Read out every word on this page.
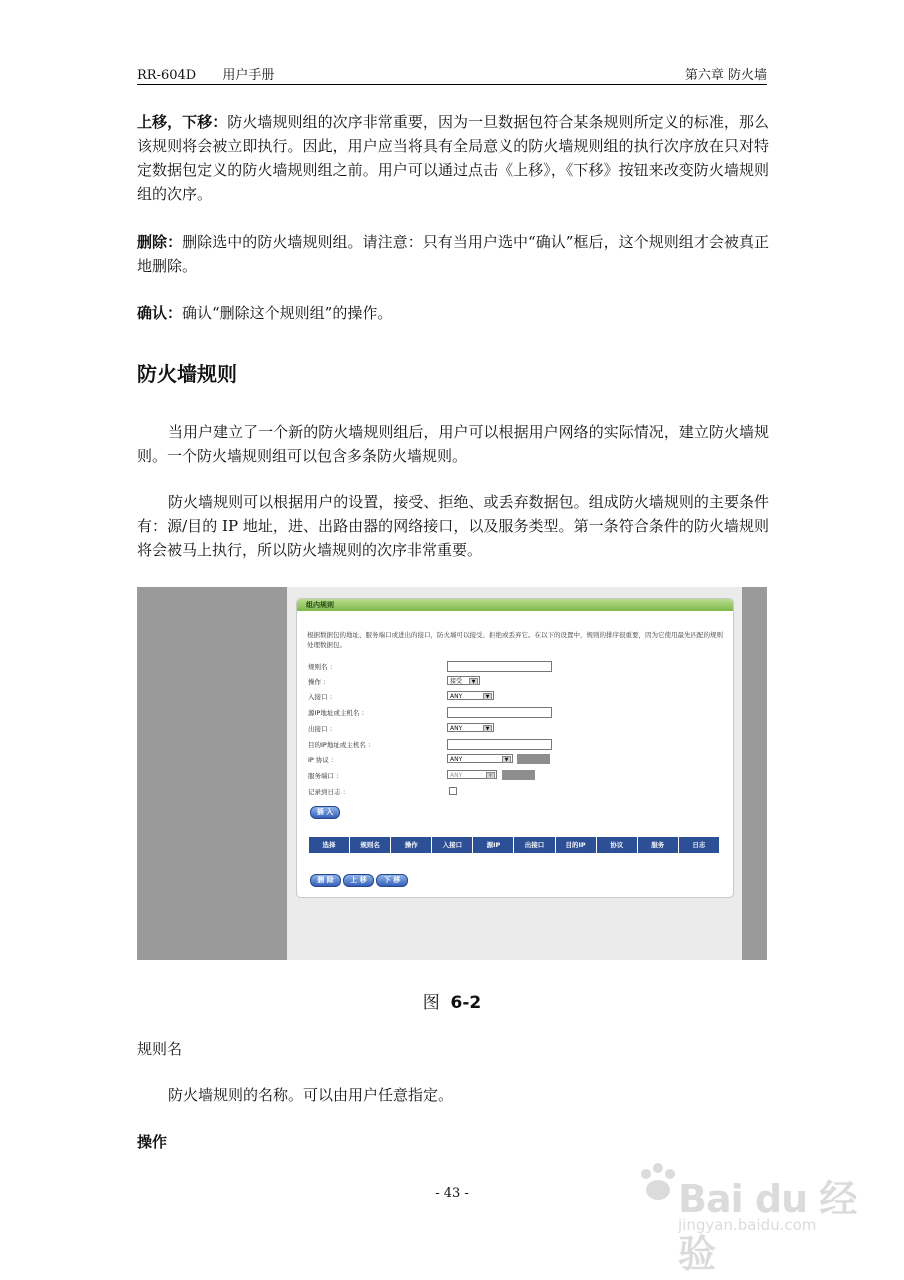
RR-604D 用户手册	第六章 防火墙

上移，下移：防火墙规则组的次序非常重要，因为一旦数据包符合某条规则所定义的标准，那么该规则将会被立即执行。因此，用户应当将具有全局意义的防火墙规则组的执行次序放在只对特定数据包定义的防火墙规则组之前。用户可以通过点击《上移》，《下移》按钮来改变防火墙规则组的次序。

删除：删除选中的防火墙规则组。请注意：只有当用户选中“确认”框后，这个规则组才会被真正地删除。

确认：确认“删除这个规则组”的操作。

防火墙规则

当用户建立了一个新的防火墙规则组后，用户可以根据用户网络的实际情况，建立防火墙规则。一个防火墙规则组可以包含多条防火墙规则。

防火墙规则可以根据用户的设置，接受、拒绝、或丢弃数据包。组成防火墙规则的主要条件有：源/目的 IP 地址，进、出路由器的网络接口，以及服务类型。第一条符合条件的防火墙规则将会被马上执行，所以防火墙规则的次序非常重要。

组内规则
根据数据包的地址、服务端口或进出的接口，防火墙可以接受、拒绝或丢弃它。在以下的设置中，规则的排序很重要，因为它使用最先匹配的规则处理数据包。
规则名 ：
操作 ：	接受	▼
入接口 ：	ANY	▼
源IP地址或主机名 ：
出接口 ：	ANY	▼
目的IP地址或主机名 ：
IP 协议 ：	ANY	▼
服务端口 ：	ANY	▼
记录到日志 ：
插 入
选择	规则名	操作	入接口	源IP	出接口	目的IP	协议	服务	日志
删 除	上 移	下 移
图 6-2

规则名

防火墙规则的名称。可以由用户任意指定。

操作

- 43 -	Bai du 经验
jingyan.baidu.com
